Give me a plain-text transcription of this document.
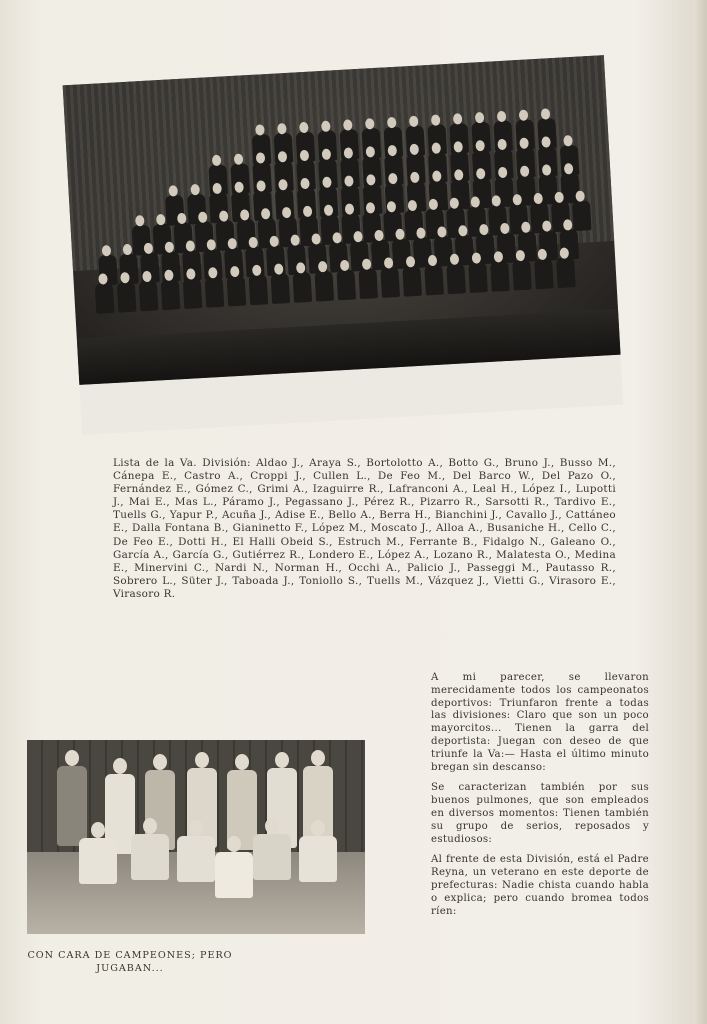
Lista de la Va. División: Aldao J., Araya S., Bortolotto A., Botto G., Bruno J., Busso M., Cánepa E., Castro A., Croppi J., Cullen L., De Feo M., Del Barco W., Del Pazo O., Fernández E., Gómez C., Grimi A., Izaguirre R., Lafranconi A., Leal H., López I., Lupotti J., Mai E., Mas L., Páramo J., Pegassano J., Pérez R., Pizarro R., Sarsotti R., Tardivo E., Tuells G., Yapur P., Acuña J., Adise E., Bello A., Berra H., Bianchini J., Cavallo J., Cattáneo E., Dalla Fontana B., Gianinetto F., López M., Moscato J., Alloa A., Busaniche H., Cello C., De Feo E., Dotti H., El Halli Obeid S., Estruch M., Ferrante B., Fidalgo N., Galeano O., García A., García G., Gutiérrez R., Londero E., López A., Lozano R., Malatesta O., Medina E., Minervini C., Nardi N., Norman H., Occhi A., Palicio J., Passeggi M., Pautasso R., Sobrero L., Süter J., Taboada J., Toniollo S., Tuells M., Vázquez J., Vietti G., Virasoro E., Virasoro R.

A mi parecer, se llevaron merecidamente todos los campeonatos deportivos: Triunfaron frente a todas las divisiones: Claro que son un poco mayorcitos... Tienen la garra del deportista: Juegan con deseo de que triunfe la Va:— Hasta el último minuto bregan sin descanso:

Se caracterizan también por sus buenos pulmones, que son empleados en diversos momentos: Tienen también su grupo de serios, reposados y estudiosos:

Al frente de esta División, está el Padre Reyna, un veterano en este deporte de prefecturas: Nadie chista cuando habla o explica; pero cuando bromea todos ríen:

CON CARA DE CAMPEONES; PERO JUGABAN...
